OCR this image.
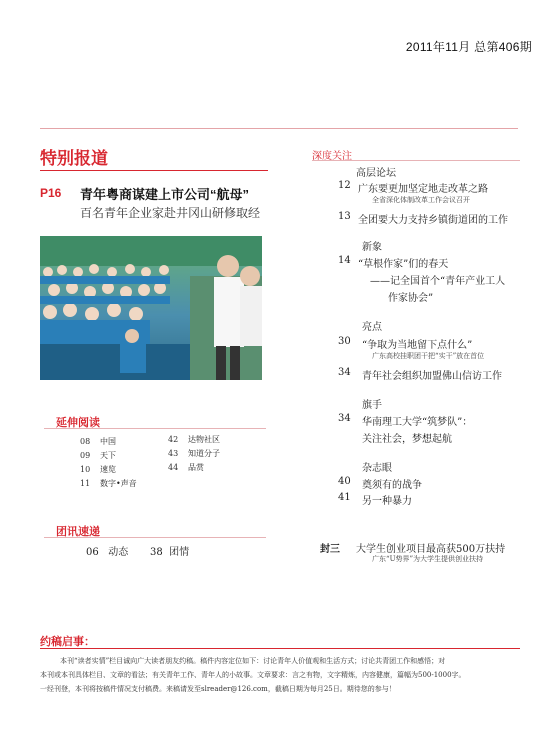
2011年11月 总第406期
特别报道
P16 青年粤商谋建上市公司“航母”
百名青年企业家赴井冈山研修取经
延伸阅读
08 中国
09 天下
10 速览
11 数字•声音
42 达物社区
43 知道分子
44 品赏
团讯速递
06 动态 38 团情
深度关注
高层论坛
12 广东要更加坚定地走改革之路
全省深化体制改革工作会议召开
13 全团要大力支持乡镇街道团的工作
新象
14 “草根作家”们的春天
——记全国首个“青年产业工人
作家协会”
亮点
30	“争取为当地留下点什么”
广东高校挂职团干把“实干”放在首位
34	青年社会组织加盟佛山信访工作
旗手
34	华南理工大学“筑梦队”：
关注社会，梦想起航
杂志眼
40	奠须有的战争
41	另一种暴力
封三 大学生创业项目最高获500万扶持
广东“U势界”为大学生提供创业扶持
约稿启事：
本刊“读者实情”栏目诚向广大读者朋友约稿。稿件内容定位如下：讨论青年人价值观和生活方式；讨论共青团工作和感悟；对
本刊或本刊具体栏目、文章的看法；有关青年工作、青年人的小故事。文章要求：言之有物，文字精炼，内容健康，篇幅为500-1000字。
一经刊登，本刊将按稿件情况支付稿费。来稿请发至slreader@126.com，截稿日期为每月25日。期待您的参与！
